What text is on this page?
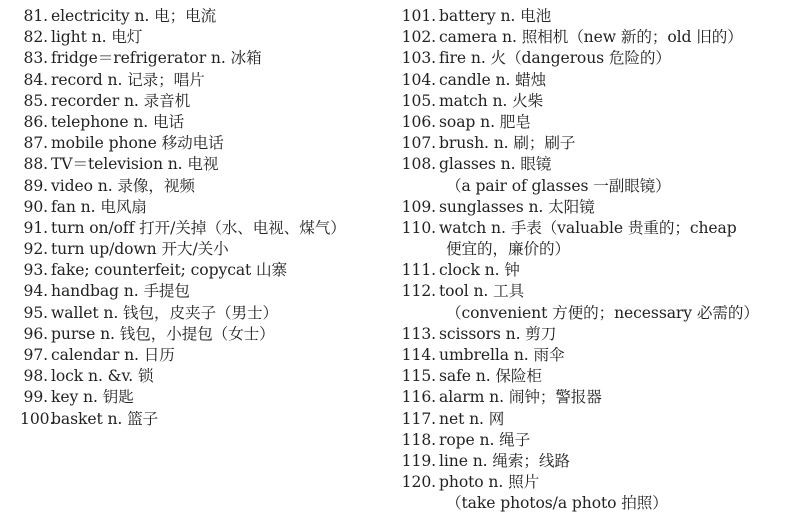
81. electricity n. 电；电流
82. light n. 电灯
83. fridge＝refrigerator n. 冰箱
84. record n. 记录；唱片
85. recorder n. 录音机
86. telephone n. 电话
87. mobile phone 移动电话
88. TV＝television n. 电视
89. video n. 录像，视频
90. fan n. 电风扇
91. turn on/off 打开/关掉（水、电视、煤气）
92. turn up/down 开大/关小
93. fake; counterfeit; copycat 山寨
94. handbag n. 手提包
95. wallet n. 钱包，皮夹子（男士）
96. purse n. 钱包，小提包（女士）
97. calendar n. 日历
98. lock n. &v. 锁
99. key n. 钥匙
100.basket n. 篮子
101. battery n. 电池
102. camera n. 照相机（new 新的；old 旧的）
103. fire n. 火（dangerous 危险的）
104. candle n. 蜡烛
105. match n. 火柴
106. soap n. 肥皂
107. brush. n. 刷；刷子
108. glasses n. 眼镜
（a pair of glasses 一副眼镜）
109. sunglasses n. 太阳镜
110. watch n. 手表（valuable 贵重的；cheap
便宜的，廉价的）
111. clock n. 钟
112. tool n. 工具
（convenient 方便的；necessary 必需的）
113. scissors n. 剪刀
114. umbrella n. 雨伞
115. safe n. 保险柜
116. alarm n. 闹钟；警报器
117. net n. 网
118. rope n. 绳子
119. line n. 绳索；线路
120. photo n. 照片
（take photos/a photo 拍照）
